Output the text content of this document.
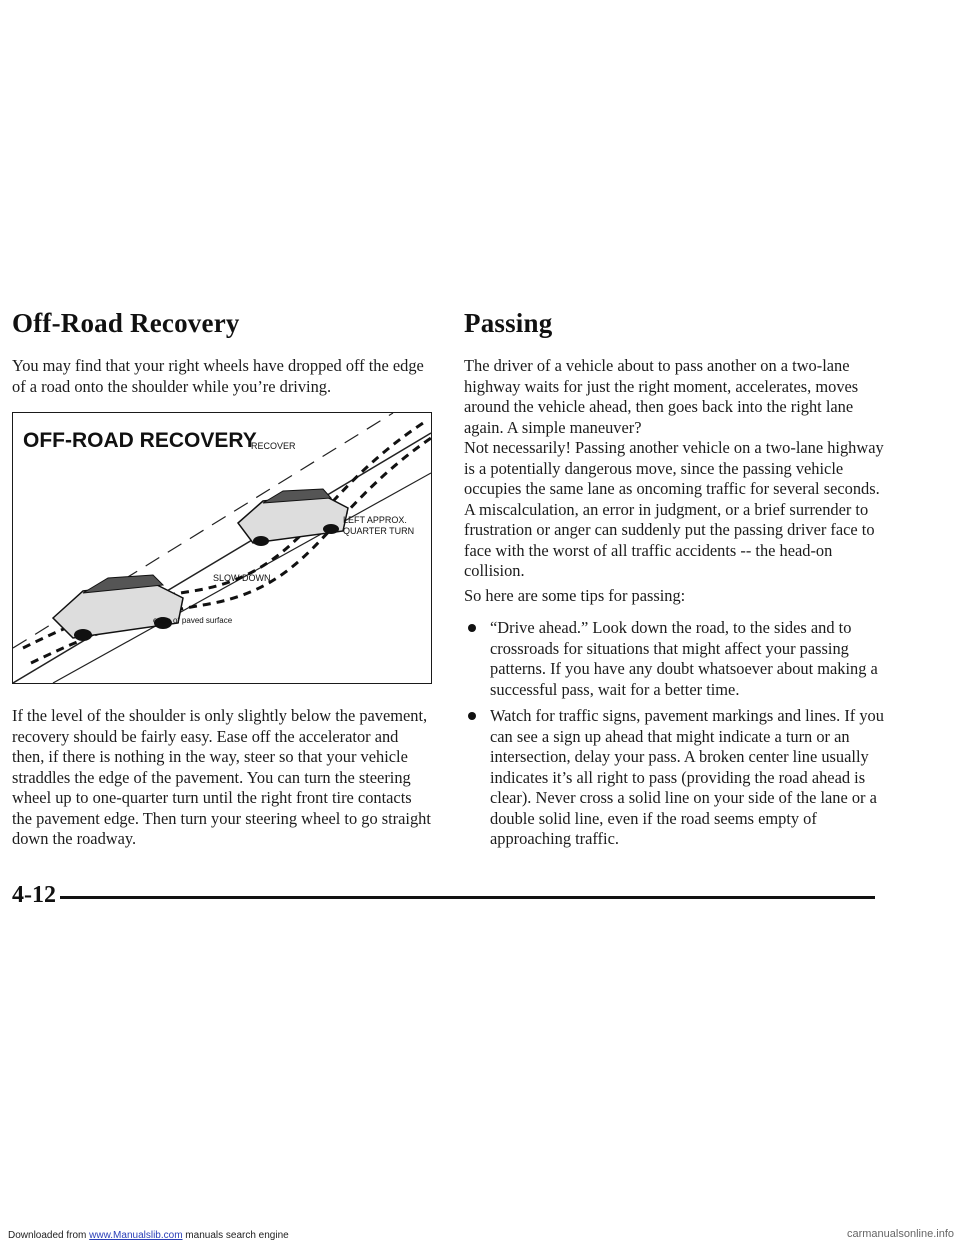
Off-Road Recovery

You may find that your right wheels have dropped off the edge of a road onto the shoulder while you’re driving.

OFF-ROAD RECOVERY
RECOVER
LEFT APPROX.
QUARTER TURN
SLOW DOWN
edge of paved surface

If the level of the shoulder is only slightly below the pavement, recovery should be fairly easy. Ease off the accelerator and then, if there is nothing in the way, steer so that your vehicle straddles the edge of the pavement. You can turn the steering wheel up to one-quarter turn until the right front tire contacts the pavement edge. Then turn your steering wheel to go straight down the roadway.

Passing

The driver of a vehicle about to pass another on a two-lane highway waits for just the right moment, accelerates, moves around the vehicle ahead, then goes back into the right lane again. A simple maneuver?

Not necessarily! Passing another vehicle on a two-lane highway is a potentially dangerous move, since the passing vehicle occupies the same lane as oncoming traffic for several seconds. A miscalculation, an error in judgment, or a brief surrender to frustration or anger can suddenly put the passing driver face to face with the worst of all traffic accidents -- the head-on collision.

So here are some tips for passing:

“Drive ahead.” Look down the road, to the sides and to crossroads for situations that might affect your passing patterns. If you have any doubt whatsoever about making a successful pass, wait for a better time.

Watch for traffic signs, pavement markings and lines. If you can see a sign up ahead that might indicate a turn or an intersection, delay your pass. A broken center line usually indicates it’s all right to pass (providing the road ahead is clear). Never cross a solid line on your side of the lane or a double solid line, even if the road seems empty of approaching traffic.

4-12
Downloaded from www.Manualslib.com manuals search engine	carmanualsonline.info
